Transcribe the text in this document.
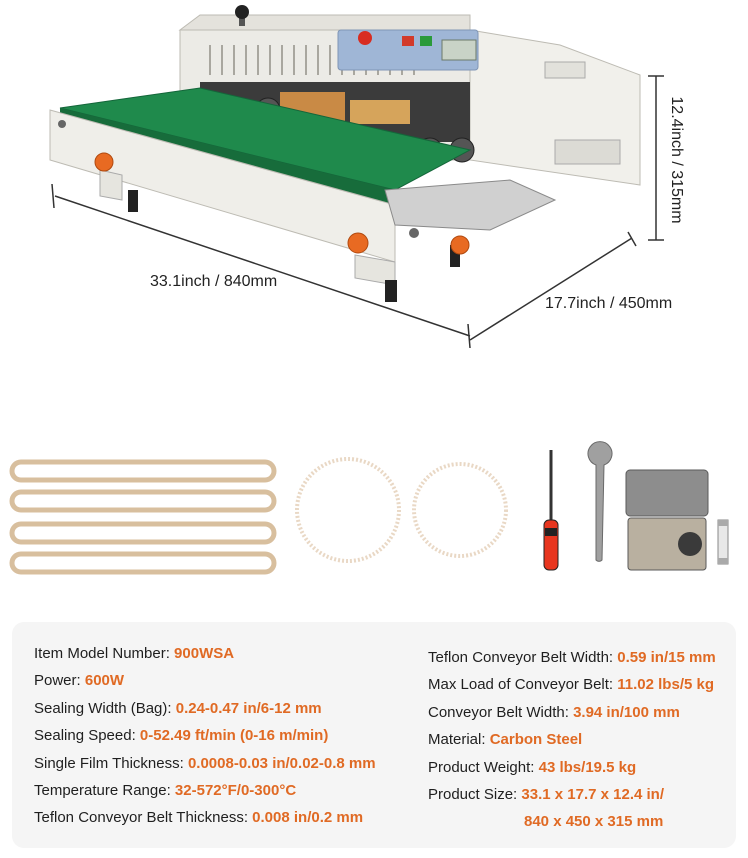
12.4inch / 315mm
33.1inch / 840mm
17.7inch / 450mm
Item Model Number: 900WSA
Power: 600W
Sealing Width (Bag): 0.24-0.47 in/6-12 mm
Sealing Speed: 0-52.49 ft/min (0-16 m/min)
Single Film Thickness: 0.0008-0.03 in/0.02-0.8 mm
Temperature Range: 32-572°F/0-300°C
Teflon Conveyor Belt Thickness: 0.008 in/0.2 mm
Teflon Conveyor Belt Width: 0.59 in/15 mm
Max Load of Conveyor Belt: 11.02 lbs/5 kg
Conveyor Belt Width: 3.94 in/100 mm
Material: Carbon Steel
Product Weight: 43 lbs/19.5 kg
Product Size: 33.1 x 17.7 x 12.4 in/
840 x 450 x 315 mm
